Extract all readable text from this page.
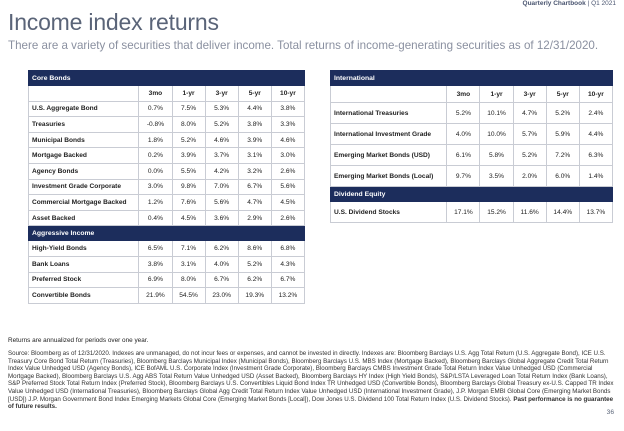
Quarterly Chartbook | Q1 2021
Income index returns

There are a variety of securities that deliver income. Total returns of income-generating securities as of 12/31/2020.

Core Bonds					
	3mo	1-yr	3-yr	5-yr	10-yr
U.S. Aggregate Bond	0.7%	7.5%	5.3%	4.4%	3.8%
Treasuries	-0.8%	8.0%	5.2%	3.8%	3.3%
Municipal Bonds	1.8%	5.2%	4.6%	3.9%	4.6%
Mortgage Backed	0.2%	3.9%	3.7%	3.1%	3.0%
Agency Bonds	0.0%	5.5%	4.2%	3.2%	2.6%
Investment Grade Corporate	3.0%	9.8%	7.0%	6.7%	5.6%
Commercial Mortgage Backed	1.2%	7.6%	5.6%	4.7%	4.5%
Asset Backed	0.4%	4.5%	3.6%	2.9%	2.6%
Aggressive Income					
High-Yield Bonds	6.5%	7.1%	6.2%	8.6%	6.8%
Bank Loans	3.8%	3.1%	4.0%	5.2%	4.3%
Preferred Stock	6.9%	8.0%	6.7%	6.2%	6.7%
Convertible Bonds	21.9%	54.5%	23.0%	19.3%	13.2%
International					
	3mo	1-yr	3-yr	5-yr	10-yr
International Treasuries	5.2%	10.1%	4.7%	5.2%	2.4%
International Investment Grade	4.0%	10.0%	5.7%	5.9%	4.4%
Emerging Market Bonds (USD)	6.1%	5.8%	5.2%	7.2%	6.3%
Emerging Market Bonds (Local)	9.7%	3.5%	2.0%	6.0%	1.4%
Dividend Equity					
U.S. Dividend Stocks	17.1%	15.2%	11.6%	14.4%	13.7%

Returns are annualized for periods over one year.

Source: Bloomberg as of 12/31/2020. Indexes are unmanaged, do not incur fees or expenses, and cannot be invested in directly. Indexes are: Bloomberg Barclays U.S. Agg Total Return (U.S. Aggregate Bond), ICE U.S. Treasury Core Bond Total Return (Treasuries), Bloomberg Barclays Municipal Index (Municipal Bonds), Bloomberg Barclays U.S. MBS Index (Mortgage Backed), Bloomberg Barclays Global Aggregate Credit Total Return Index Value Unhedged USD (Agency Bonds), ICE BofAML U.S. Corporate Index (Investment Grade Corporate), Bloomberg Barclays CMBS Investment Grade Total Return Index Value Unhedged USD (Commercial Mortgage Backed), Bloomberg Barclays U.S. Agg ABS Total Return Value Unhedged USD (Asset Backed), Bloomberg Barclays HY Index (High Yield Bonds), S&P/LSTA Leveraged Loan Total Return Index (Bank Loans), S&P Preferred Stock Total Return Index (Preferred Stock), Bloomberg Barclays U.S. Convertibles Liquid Bond Index TR Unhedged USD (Convertible Bonds), Bloomberg Barclays Global Treasury ex-U.S. Capped TR Index Value Unhedged USD (International Treasuries), Bloomberg Barclays Global Agg Credit Total Return Index Value Unhedged USD (International Investment Grade), J.P. Morgan EMBI Global Core (Emerging Market Bonds [USD]) J.P. Morgan Government Bond Index Emerging Markets Global Core (Emerging Market Bonds [Local]), Dow Jones U.S. Dividend 100 Total Return Index (U.S. Dividend Stocks). Past performance is no guarantee of future results.

36
